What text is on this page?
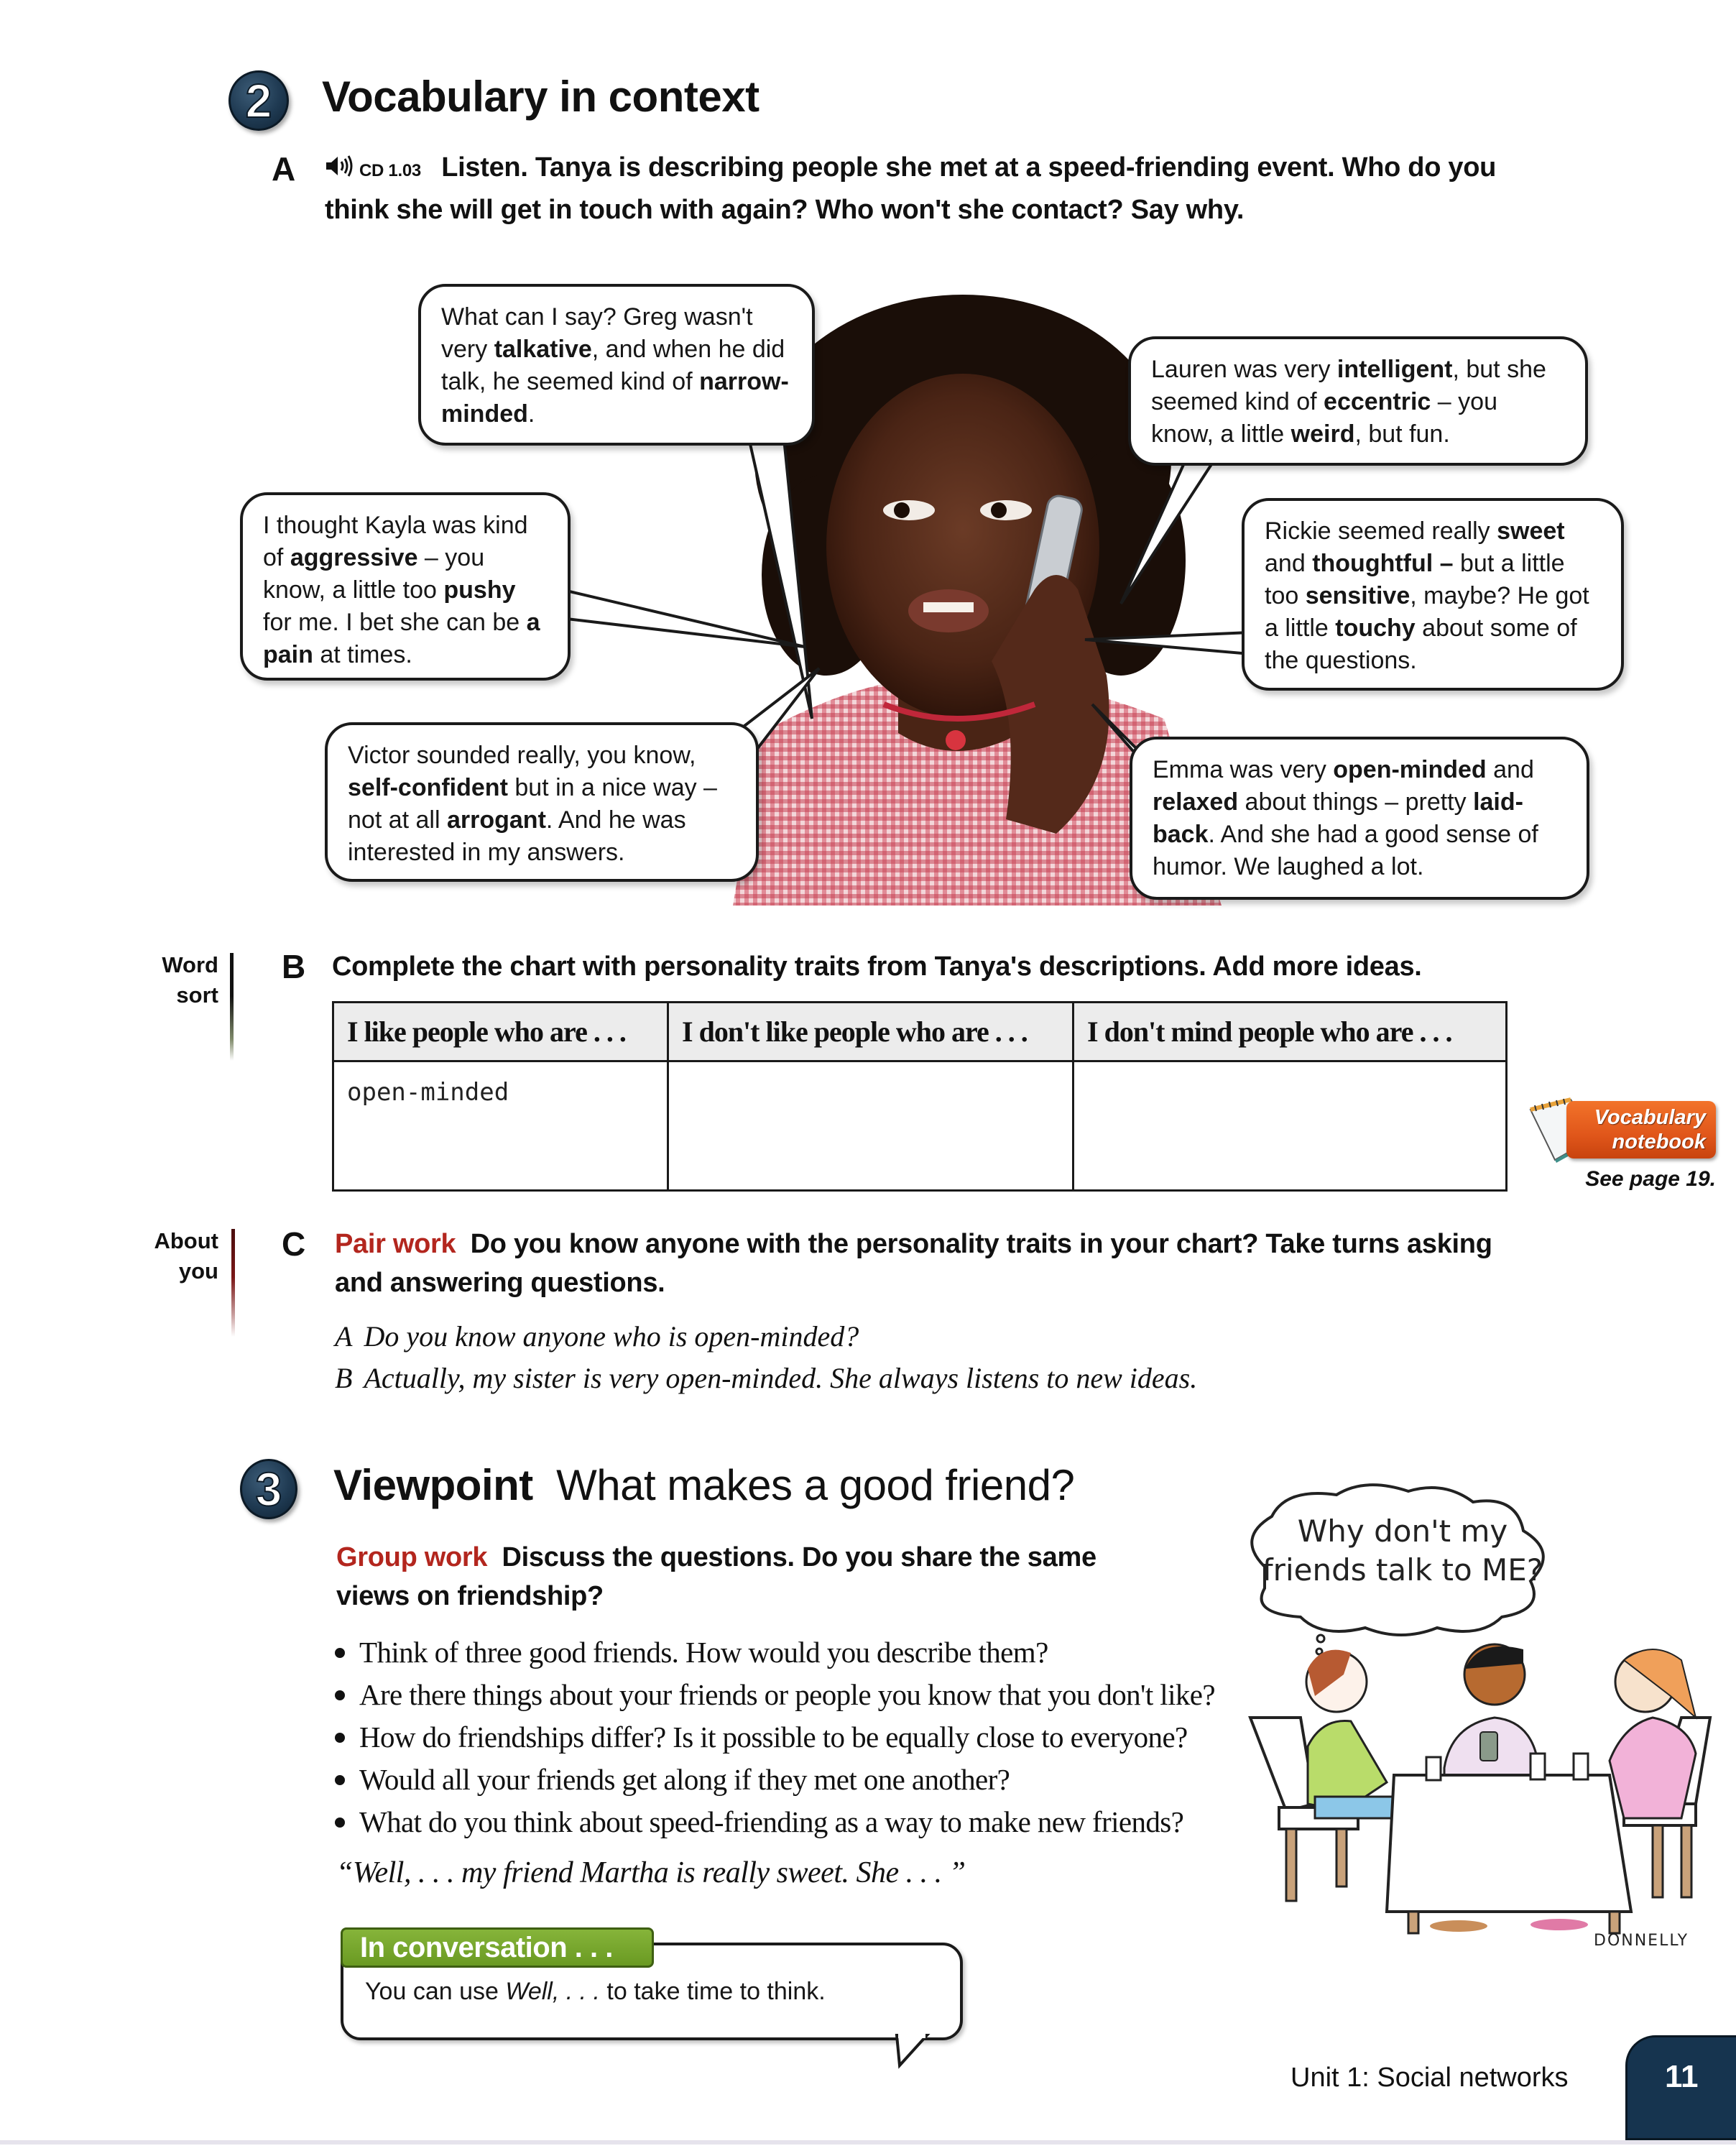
2	Vocabulary in context
A	CD 1.03 Listen. Tanya is describing people she met at a speed-friending event. Who do you
think she will get in touch with again? Who won't she contact? Say why.
What can I say? Greg wasn't very talkative, and when he did talk, he seemed kind of narrow-minded.
Lauren was very intelligent, but she seemed kind of eccentric – you know, a little weird, but fun.
I thought Kayla was kind of aggressive – you know, a little too pushy for me. I bet she can be a pain at times.
Rickie seemed really sweet and thoughtful – but a little too sensitive, maybe? He got a little touchy about some of the questions.
Victor sounded really, you know, self-confident but in a nice way – not at all arrogant. And he was interested in my answers.
Emma was very open-minded and relaxed about things – pretty laid-back. And she had a good sense of humor. We laughed a lot.
Word
sort
B Complete the chart with personality traits from Tanya's descriptions. Add more ideas.
I like people who are . . .	I don't like people who are . . .	I don't mind people who are . . .
open-minded		
Vocabulary
notebook
See page 19.
About
you
C Pair work Do you know anyone with the personality traits in your chart? Take turns asking
and answering questions.
A Do you know anyone who is open-minded?
B Actually, my sister is very open-minded. She always listens to new ideas.
3	Viewpoint What makes a good friend?
Group work Discuss the questions. Do you share the same
views on friendship?
Think of three good friends. How would you describe them?
Are there things about your friends or people you know that you don't like?
How do friendships differ? Is it possible to be equally close to everyone?
Would all your friends get along if they met one another?
What do you think about speed-friending as a way to make new friends?
“Well, . . . my friend Martha is really sweet. She . . . ”
In conversation . . .
You can use Well, . . . to take time to think.
Why don't my
friends talk to ME?
DONNELLY
Unit 1: Social networks	11
